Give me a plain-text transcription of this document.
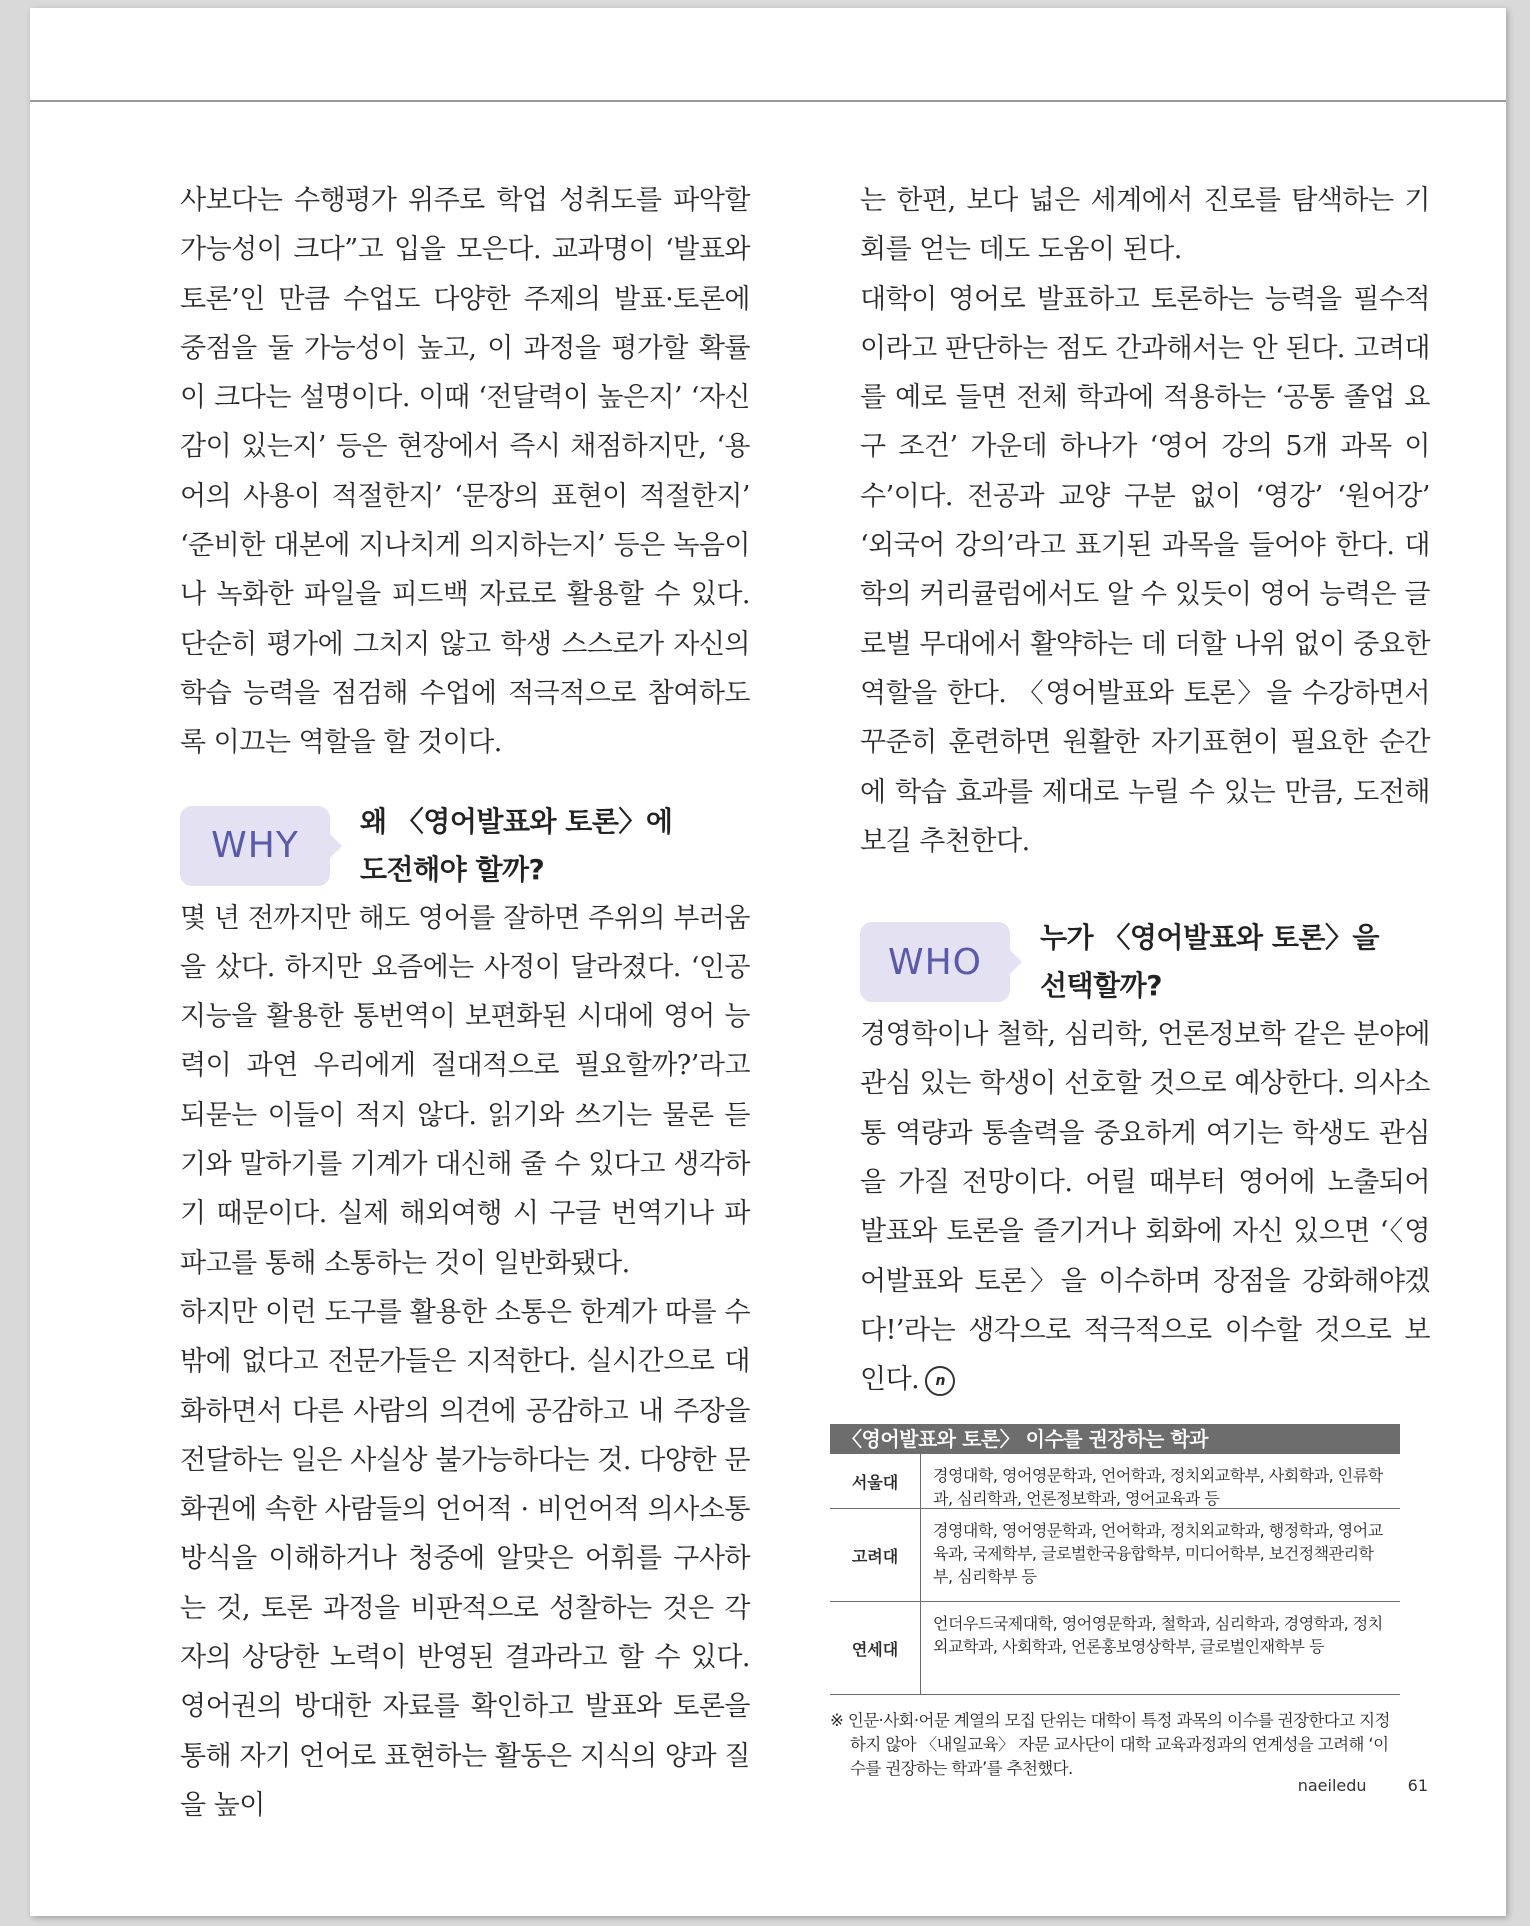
사보다는 수행평가 위주로 학업 성취도를 파악할 가능성이 크다”고 입을 모은다. 교과명이 ‘발표와 토론’인 만큼 수업도 다양한 주제의 발표·토론에 중점을 둘 가능성이 높고, 이 과정을 평가할 확률이 크다는 설명이다. 이때 ‘전달력이 높은지’ ‘자신감이 있는지’ 등은 현장에서 즉시 채점하지만, ‘용어의 사용이 적절한지’ ‘문장의 표현이 적절한지’ ‘준비한 대본에 지나치게 의지하는지’ 등은 녹음이나 녹화한 파일을 피드백 자료로 활용할 수 있다. 단순히 평가에 그치지 않고 학생 스스로가 자신의 학습 능력을 점검해 수업에 적극적으로 참여하도록 이끄는 역할을 할 것이다.

WHY
왜 〈영어발표와 토론〉에
도전해야 할까?

몇 년 전까지만 해도 영어를 잘하면 주위의 부러움을 샀다. 하지만 요즘에는 사정이 달라졌다. ‘인공지능을 활용한 통번역이 보편화된 시대에 영어 능력이 과연 우리에게 절대적으로 필요할까?’라고 되묻는 이들이 적지 않다. 읽기와 쓰기는 물론 듣기와 말하기를 기계가 대신해 줄 수 있다고 생각하기 때문이다. 실제 해외여행 시 구글 번역기나 파파고를 통해 소통하는 것이 일반화됐다.

하지만 이런 도구를 활용한 소통은 한계가 따를 수밖에 없다고 전문가들은 지적한다. 실시간으로 대화하면서 다른 사람의 의견에 공감하고 내 주장을 전달하는 일은 사실상 불가능하다는 것. 다양한 문화권에 속한 사람들의 언어적 · 비언어적 의사소통 방식을 이해하거나 청중에 알맞은 어휘를 구사하는 것, 토론 과정을 비판적으로 성찰하는 것은 각자의 상당한 노력이 반영된 결과라고 할 수 있다. 영어권의 방대한 자료를 확인하고 발표와 토론을 통해 자기 언어로 표현하는 활동은 지식의 양과 질을 높이

는 한편, 보다 넓은 세계에서 진로를 탐색하는 기회를 얻는 데도 도움이 된다.

대학이 영어로 발표하고 토론하는 능력을 필수적이라고 판단하는 점도 간과해서는 안 된다. 고려대를 예로 들면 전체 학과에 적용하는 ‘공통 졸업 요구 조건’ 가운데 하나가 ‘영어 강의 5개 과목 이수’이다. 전공과 교양 구분 없이 ‘영강’ ‘원어강’ ‘외국어 강의’라고 표기된 과목을 들어야 한다. 대학의 커리큘럼에서도 알 수 있듯이 영어 능력은 글로벌 무대에서 활약하는 데 더할 나위 없이 중요한 역할을 한다. 〈영어발표와 토론〉을 수강하면서 꾸준히 훈련하면 원활한 자기표현이 필요한 순간에 학습 효과를 제대로 누릴 수 있는 만큼, 도전해보길 추천한다.

WHO
누가 〈영어발표와 토론〉을
선택할까?

경영학이나 철학, 심리학, 언론정보학 같은 분야에 관심 있는 학생이 선호할 것으로 예상한다. 의사소통 역량과 통솔력을 중요하게 여기는 학생도 관심을 가질 전망이다. 어릴 때부터 영어에 노출되어 발표와 토론을 즐기거나 회화에 자신 있으면 ‘〈영어발표와 토론〉을 이수하며 장점을 강화해야겠다!’라는 생각으로 적극적으로 이수할 것으로 보인다. n

〈영어발표와 토론〉 이수를 권장하는 학과
서울대	경영대학, 영어영문학과, 언어학과, 정치외교학부, 사회학과, 인류학과, 심리학과, 언론정보학과, 영어교육과 등
고려대
경영대학, 영어영문학과, 언어학과, 정치외교학과, 행정학과, 영어교육과, 국제학부, 글로벌한국융합학부, 미디어학부, 보건정책관리학부, 심리학부 등
연세대
언더우드국제대학, 영어영문학과, 철학과, 심리학과, 경영학과, 정치외교학과, 사회학과, 언론홍보영상학부, 글로벌인재학부 등
※ 인문·사회·어문 계열의 모집 단위는 대학이 특정 과목의 이수를 권장한다고 지정하지 않아 〈내일교육〉 자문 교사단이 대학 교육과정과의 연계성을 고려해 ‘이수를 권장하는 학과’를 추천했다.
naeiledu	61
